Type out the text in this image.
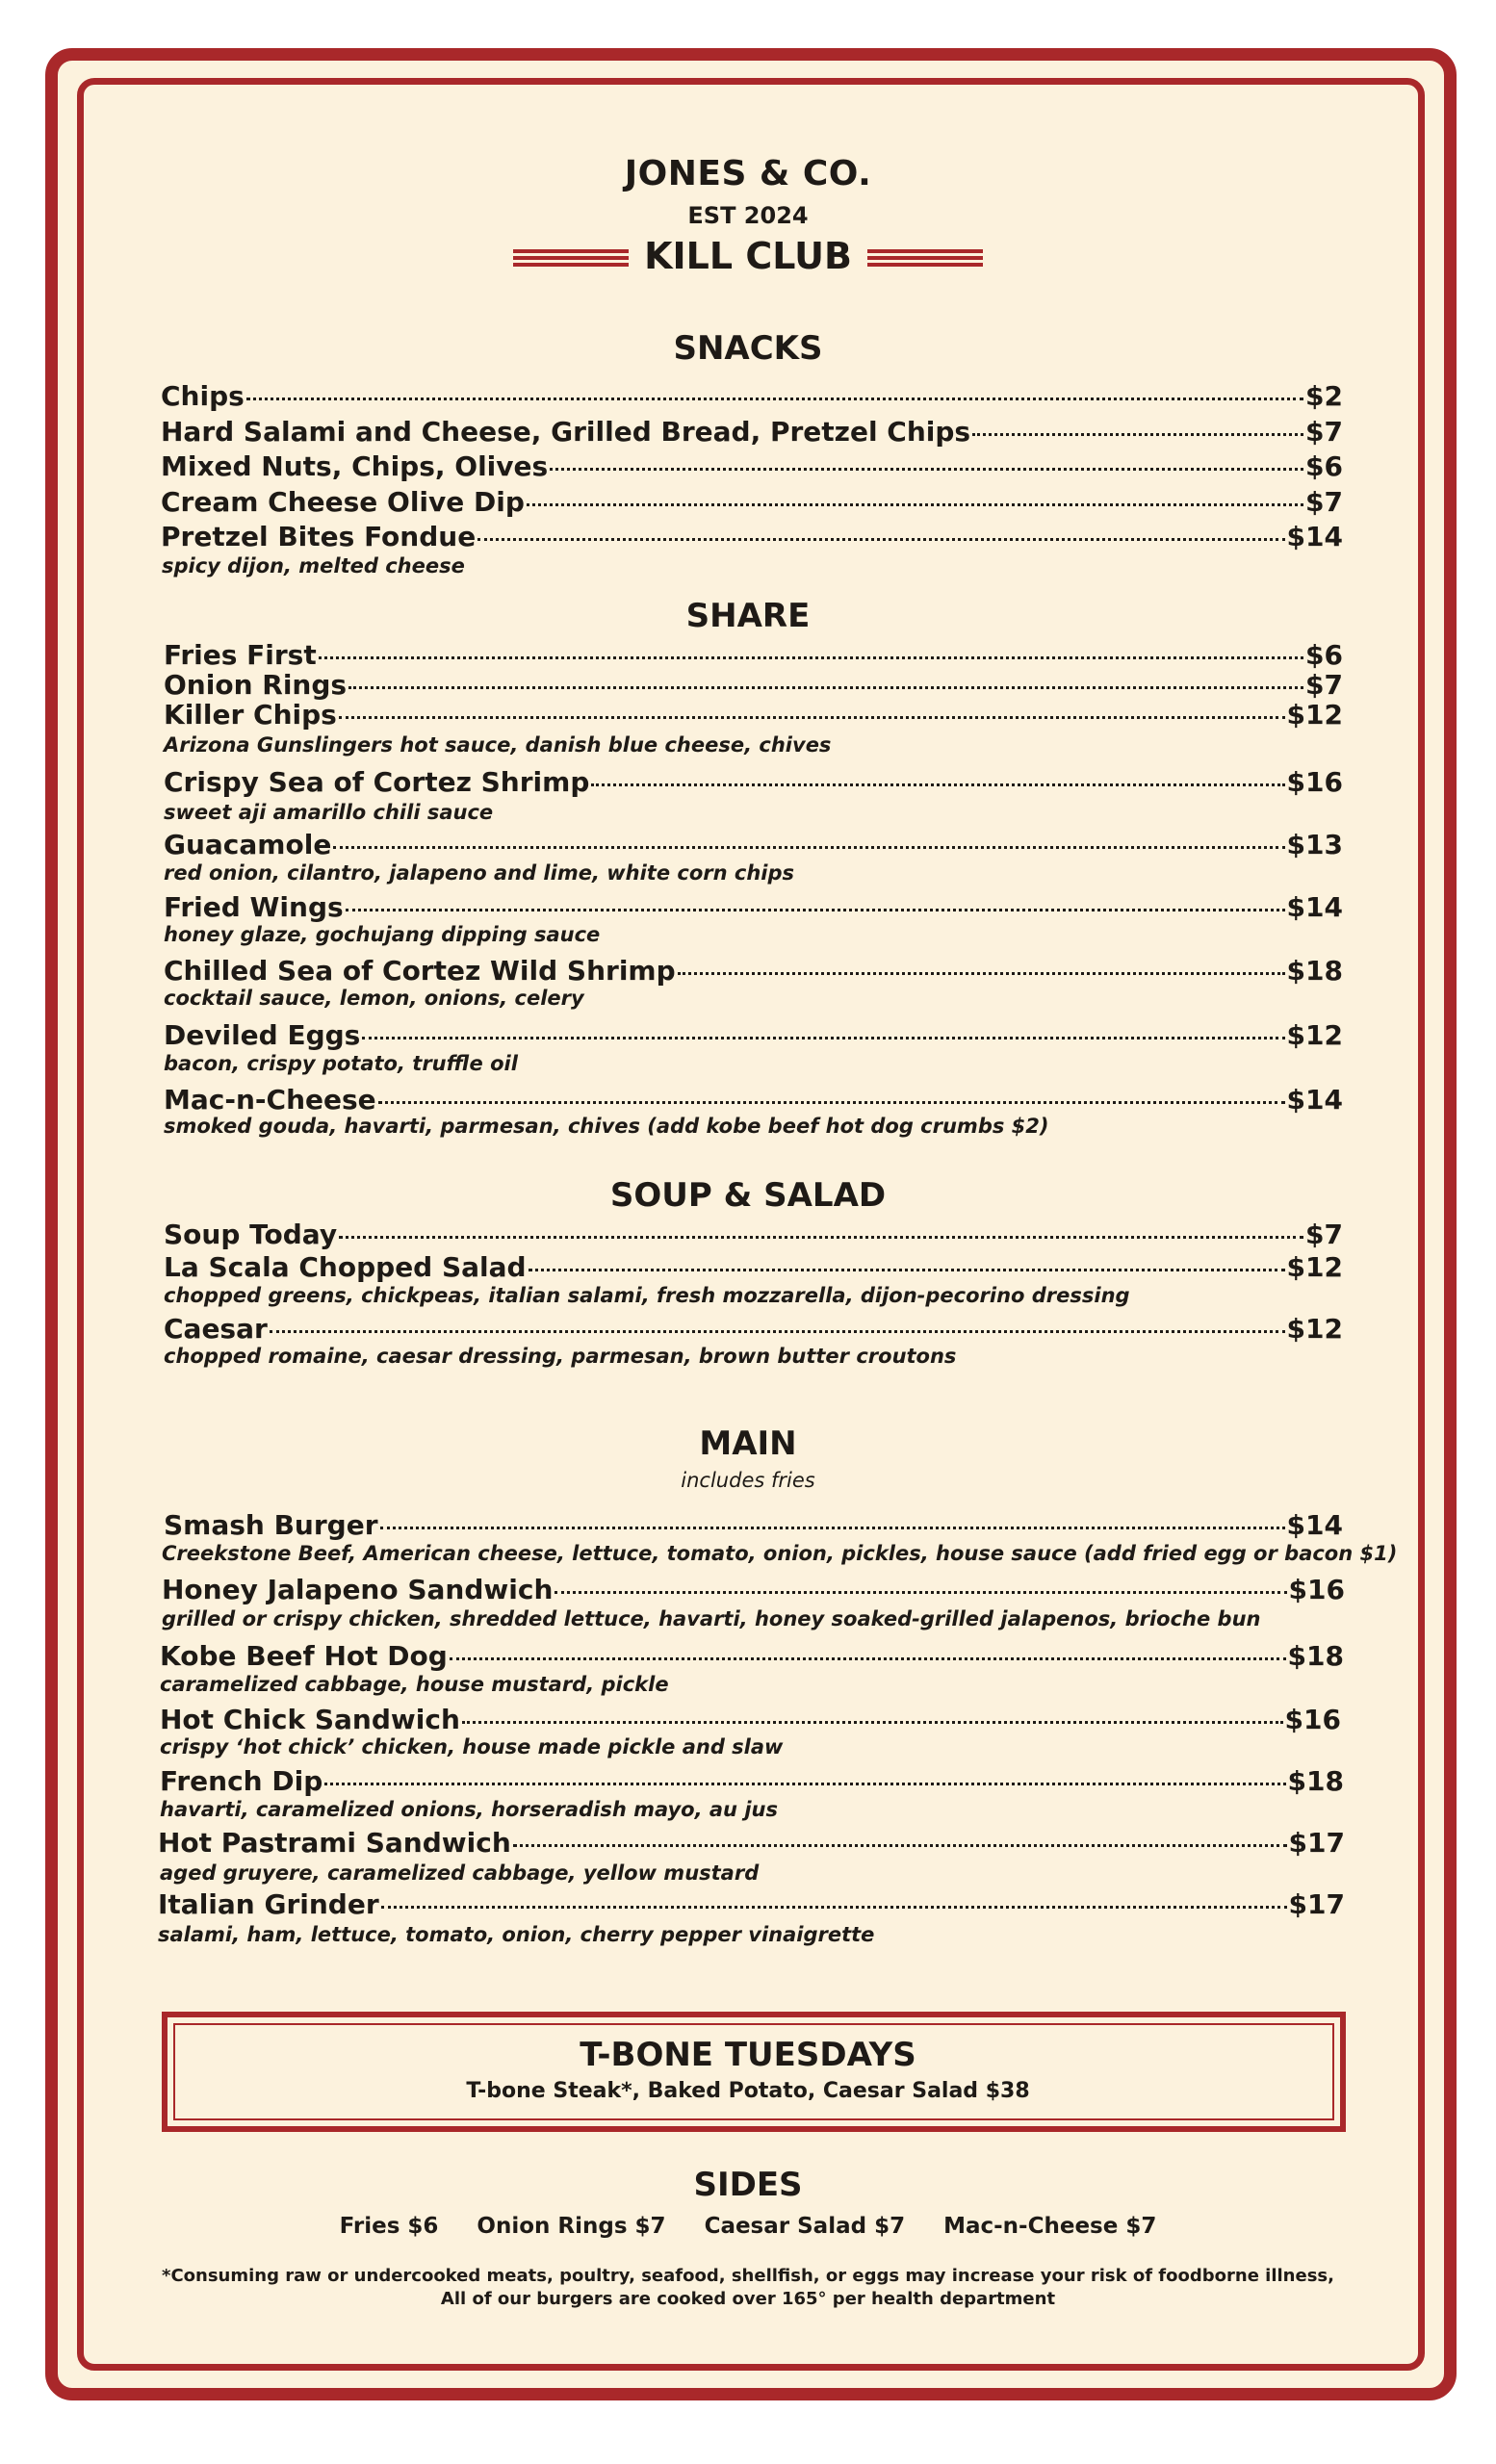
JONES & CO.
EST 2024
KILL CLUB
SNACKS
Chips	$2
Hard Salami and Cheese, Grilled Bread, Pretzel Chips	$7
Mixed Nuts, Chips, Olives	$6
Cream Cheese Olive Dip	$7
Pretzel Bites Fondue	$14
spicy dijon, melted cheese
SHARE
Fries First	$6
Onion Rings	$7
Killer Chips	$12
Arizona Gunslingers hot sauce, danish blue cheese, chives
Crispy Sea of Cortez Shrimp	$16
sweet aji amarillo chili sauce
Guacamole	$13
red onion, cilantro, jalapeno and lime, white corn chips
Fried Wings	$14
honey glaze, gochujang dipping sauce
Chilled Sea of Cortez Wild Shrimp	$18
cocktail sauce, lemon, onions, celery
Deviled Eggs	$12
bacon, crispy potato, truffle oil
Mac-n-Cheese	$14
smoked gouda, havarti, parmesan, chives (add kobe beef hot dog crumbs $2)
SOUP & SALAD
Soup Today	$7
La Scala Chopped Salad	$12
chopped greens, chickpeas, italian salami, fresh mozzarella, dijon-pecorino dressing
Caesar	$12
chopped romaine, caesar dressing, parmesan, brown butter croutons
MAIN
includes fries
Smash Burger	$14
Creekstone Beef, American cheese, lettuce, tomato, onion, pickles, house sauce (add fried egg or bacon $1)
Honey Jalapeno Sandwich	$16
grilled or crispy chicken, shredded lettuce, havarti, honey soaked-grilled jalapenos, brioche bun
Kobe Beef Hot Dog	$18
caramelized cabbage, house mustard, pickle
Hot Chick Sandwich	$16
crispy ‘hot chick’ chicken, house made pickle and slaw
French Dip	$18
havarti, caramelized onions, horseradish mayo, au jus
Hot Pastrami Sandwich	$17
aged gruyere, caramelized cabbage, yellow mustard
Italian Grinder	$17
salami, ham, lettuce, tomato, onion, cherry pepper vinaigrette
T-BONE TUESDAYS
T-bone Steak*, Baked Potato, Caesar Salad $38
SIDES
Fries $6 Onion Rings $7 Caesar Salad $7 Mac-n-Cheese $7
*Consuming raw or undercooked meats, poultry, seafood, shellfish, or eggs may increase your risk of foodborne illness,
All of our burgers are cooked over 165° per health department
